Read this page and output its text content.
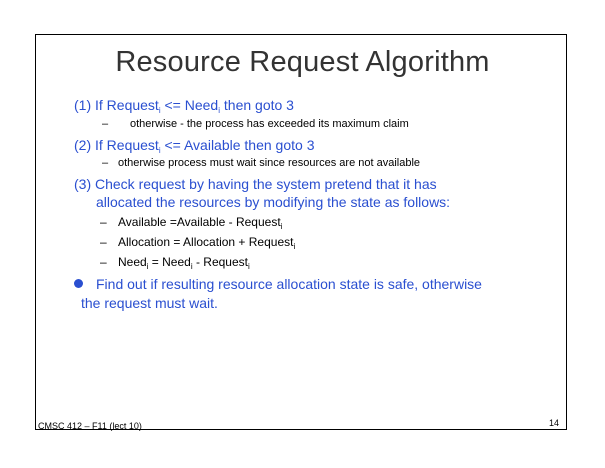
Resource Request Algorithm
(1) If Request$_i$ <= Need$_i$ then goto 3
– otherwise - the process has exceeded its maximum claim
(2) If Request$_i$ <= Available then goto 3
– otherwise process must wait since resources are not available
(3) Check request by having the system pretend that it has
allocated the resources by modifying the state as follows:
– Available =Available - Request$_i$
– Allocation = Allocation + Request$_i$
– Need$_i$ = Need$_i$ - Request$_i$
Find out if resulting resource allocation state is safe, otherwise
the request must wait.
CMSC 412 – F11 (lect 10)	14
